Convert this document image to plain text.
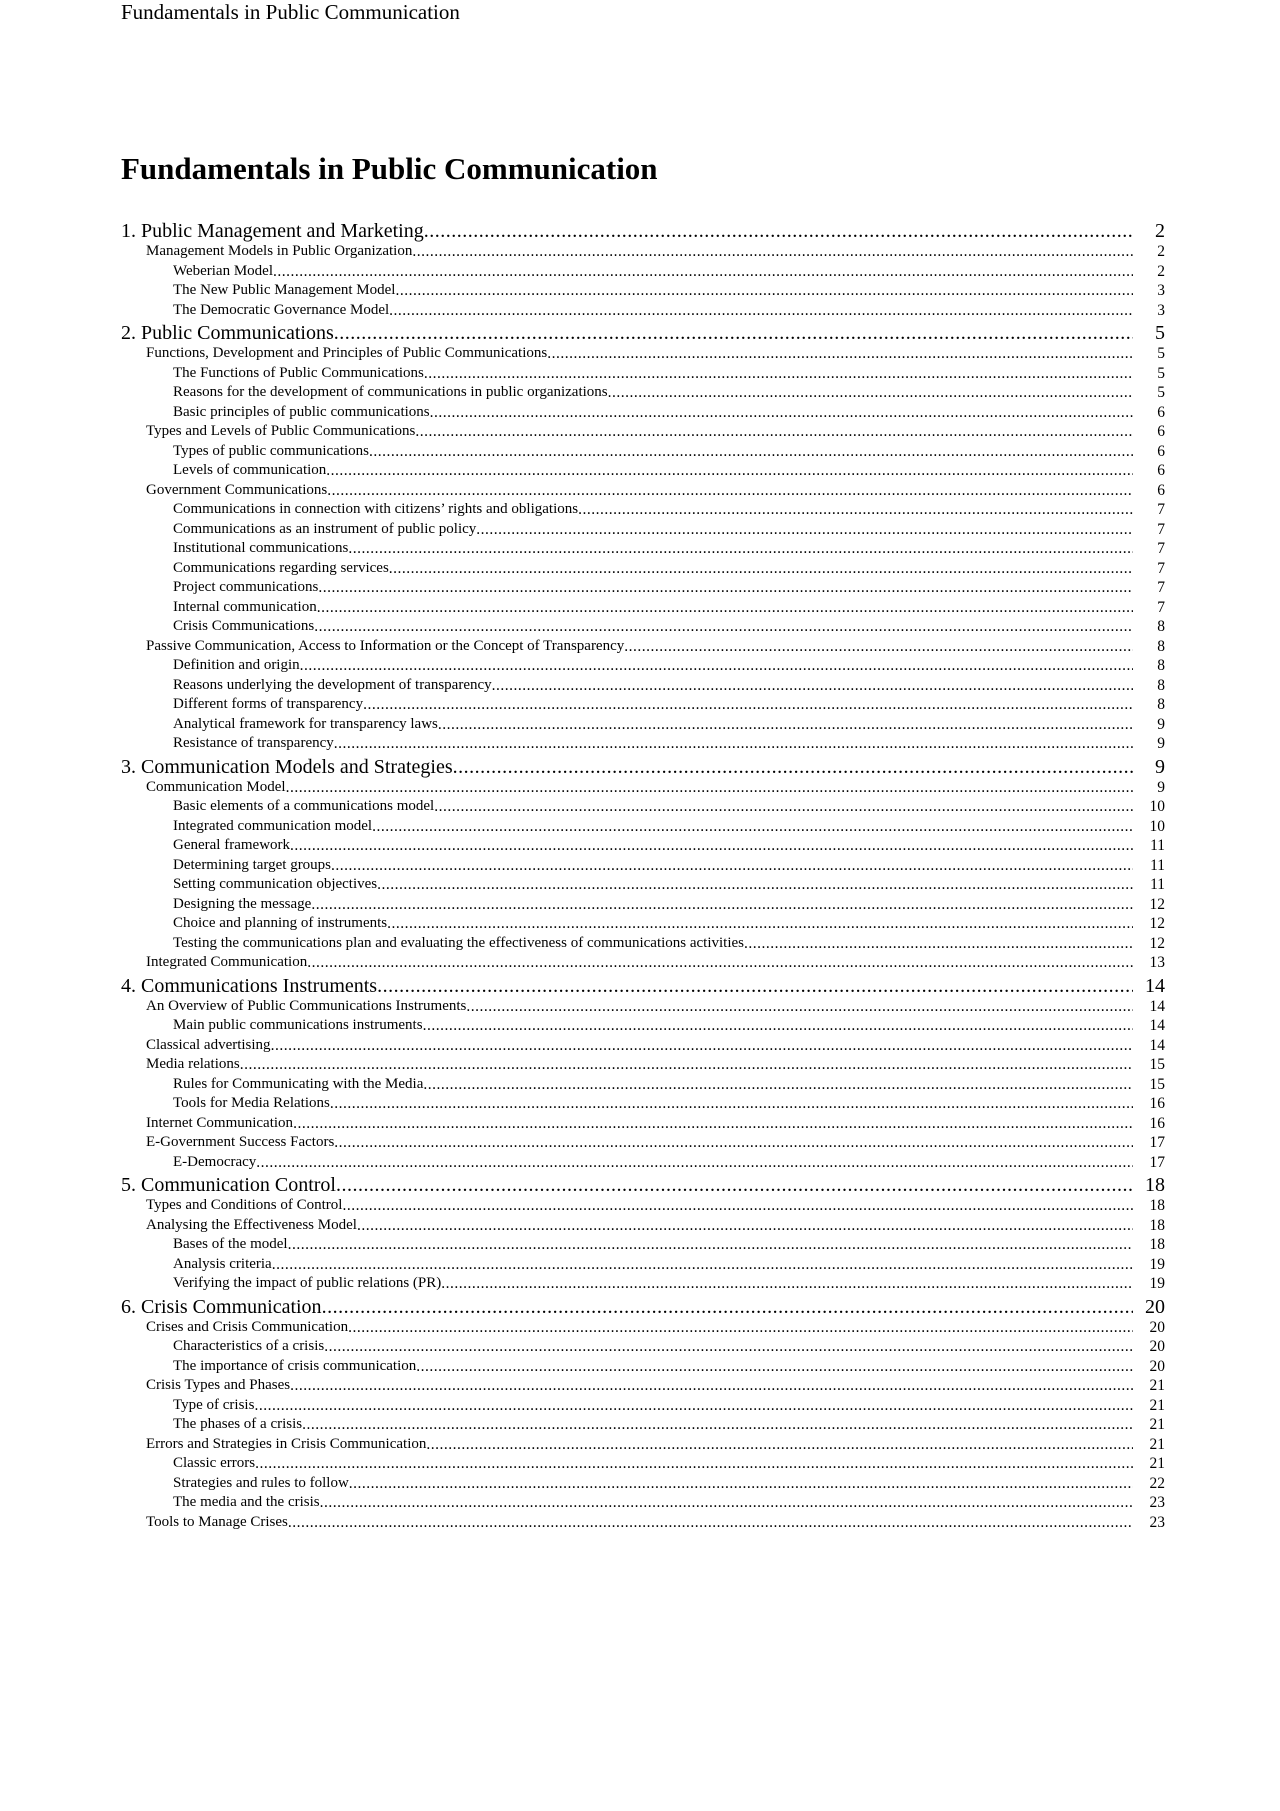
Fundamentals in Public Communication
Fundamentals in Public Communication
1. Public Management and Marketing .....	2
Management Models in Public Organization .....	2
Weberian Model .....	2
The New Public Management Model .....	3
The Democratic Governance Model .....	3
2. Public Communications .....	5
Functions, Development and Principles of Public Communications .....	5
The Functions of Public Communications .....	5
Reasons for the development of communications in public organizations .....	5
Basic principles of public communications .....	6
Types and Levels of Public Communications .....	6
Types of public communications .....	6
Levels of communication .....	6
Government Communications .....	6
Communications in connection with citizens’ rights and obligations .....	7
Communications as an instrument of public policy .....	7
Institutional communications .....	7
Communications regarding services .....	7
Project communications .....	7
Internal communication .....	7
Crisis Communications .....	8
Passive Communication, Access to Information or the Concept of Transparency .....	8
Definition and origin .....	8
Reasons underlying the development of transparency .....	8
Different forms of transparency .....	8
Analytical framework for transparency laws .....	9
Resistance of transparency .....	9
3. Communication Models and Strategies .....	9
Communication Model .....	9
Basic elements of a communications model .....	10
Integrated communication model .....	10
General framework .....	11
Determining target groups .....	11
Setting communication objectives .....	11
Designing the message .....	12
Choice and planning of instruments .....	12
Testing the communications plan and evaluating the effectiveness of communications activities .....	12
Integrated Communication .....	13
4. Communications Instruments .....	14
An Overview of Public Communications Instruments .....	14
Main public communications instruments .....	14
Classical advertising .....	14
Media relations .....	15
Rules for Communicating with the Media .....	15
Tools for Media Relations .....	16
Internet Communication .....	16
E-Government Success Factors .....	17
E-Democracy .....	17
5. Communication Control .....	18
Types and Conditions of Control .....	18
Analysing the Effectiveness Model .....	18
Bases of the model .....	18
Analysis criteria .....	19
Verifying the impact of public relations (PR) .....	19
6. Crisis Communication .....	20
Crises and Crisis Communication .....	20
Characteristics of a crisis .....	20
The importance of crisis communication .....	20
Crisis Types and Phases .....	21
Type of crisis .....	21
The phases of a crisis .....	21
Errors and Strategies in Crisis Communication .....	21
Classic errors .....	21
Strategies and rules to follow .....	22
The media and the crisis .....	23
Tools to Manage Crises .....	23
